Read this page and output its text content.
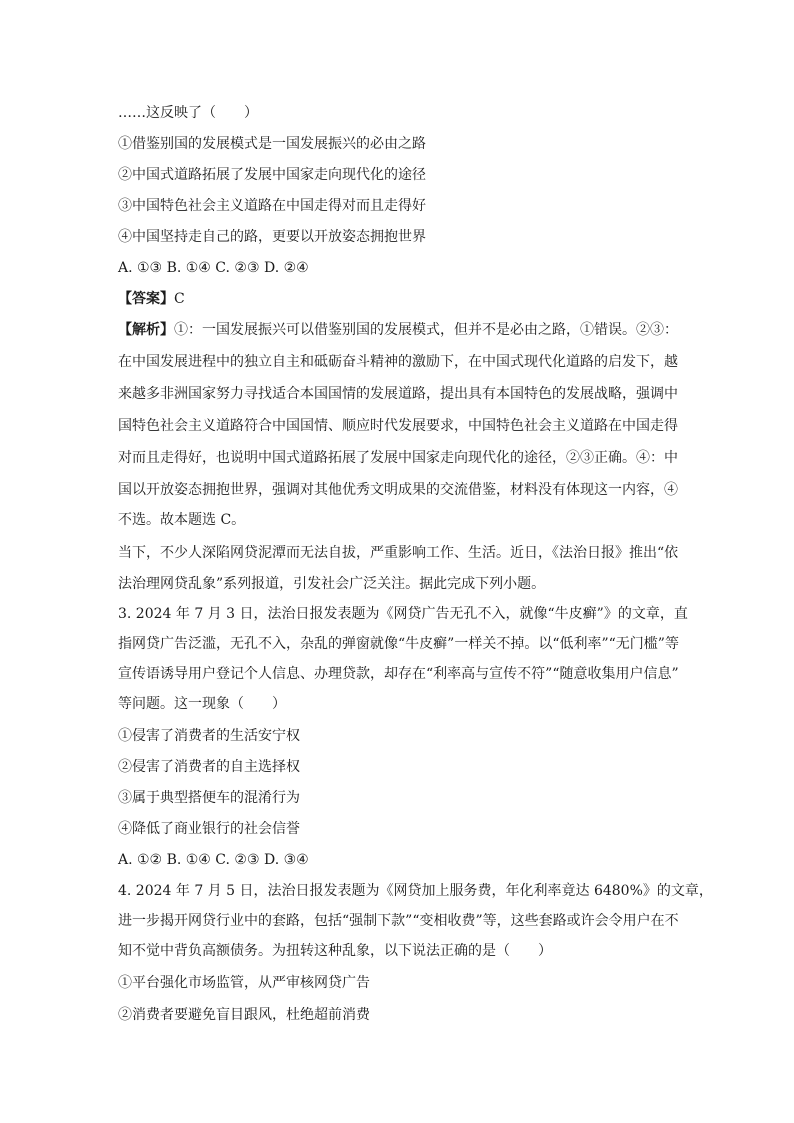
……这反映了（　　）
①借鉴别国的发展模式是一国发展振兴的必由之路
②中国式道路拓展了发展中国家走向现代化的途径
③中国特色社会主义道路在中国走得对而且走得好
④中国坚持走自己的路，更要以开放姿态拥抱世界
A. ①③ B. ①④ C. ②③ D. ②④
【答案】C
【解析】①：一国发展振兴可以借鉴别国的发展模式，但并不是必由之路，①错误。②③：
在中国发展进程中的独立自主和砥砺奋斗精神的激励下，在中国式现代化道路的启发下，越
来越多非洲国家努力寻找适合本国国情的发展道路，提出具有本国特色的发展战略，强调中
国特色社会主义道路符合中国国情、顺应时代发展要求，中国特色社会主义道路在中国走得
对而且走得好，也说明中国式道路拓展了发展中国家走向现代化的途径，②③正确。④：中
国以开放姿态拥抱世界，强调对其他优秀文明成果的交流借鉴，材料没有体现这一内容，④
不选。故本题选 C。
当下，不少人深陷网贷泥潭而无法自拔，严重影响工作、生活。近日，《法治日报》推出“依
法治理网贷乱象”系列报道，引发社会广泛关注。据此完成下列小题。
3. 2024 年 7 月 3 日，法治日报发表题为《网贷广告无孔不入，就像“牛皮癣”》的文章，直
指网贷广告泛滥，无孔不入，杂乱的弹窗就像“牛皮癣”一样关不掉。以“低利率”“无门槛”等
宣传语诱导用户登记个人信息、办理贷款，却存在“利率高与宣传不符”“随意收集用户信息”
等问题。这一现象（　　）
①侵害了消费者的生活安宁权
②侵害了消费者的自主选择权
③属于典型搭便车的混淆行为
④降低了商业银行的社会信誉
A. ①② B. ①④ C. ②③ D. ③④
4. 2024 年 7 月 5 日，法治日报发表题为《网贷加上服务费，年化利率竟达 6480%》的文章，
进一步揭开网贷行业中的套路，包括“强制下款”“变相收费”等，这些套路或许会令用户在不
知不觉中背负高额债务。为扭转这种乱象，以下说法正确的是（　　）
①平台强化市场监管，从严审核网贷广告
②消费者要避免盲目跟风，杜绝超前消费
